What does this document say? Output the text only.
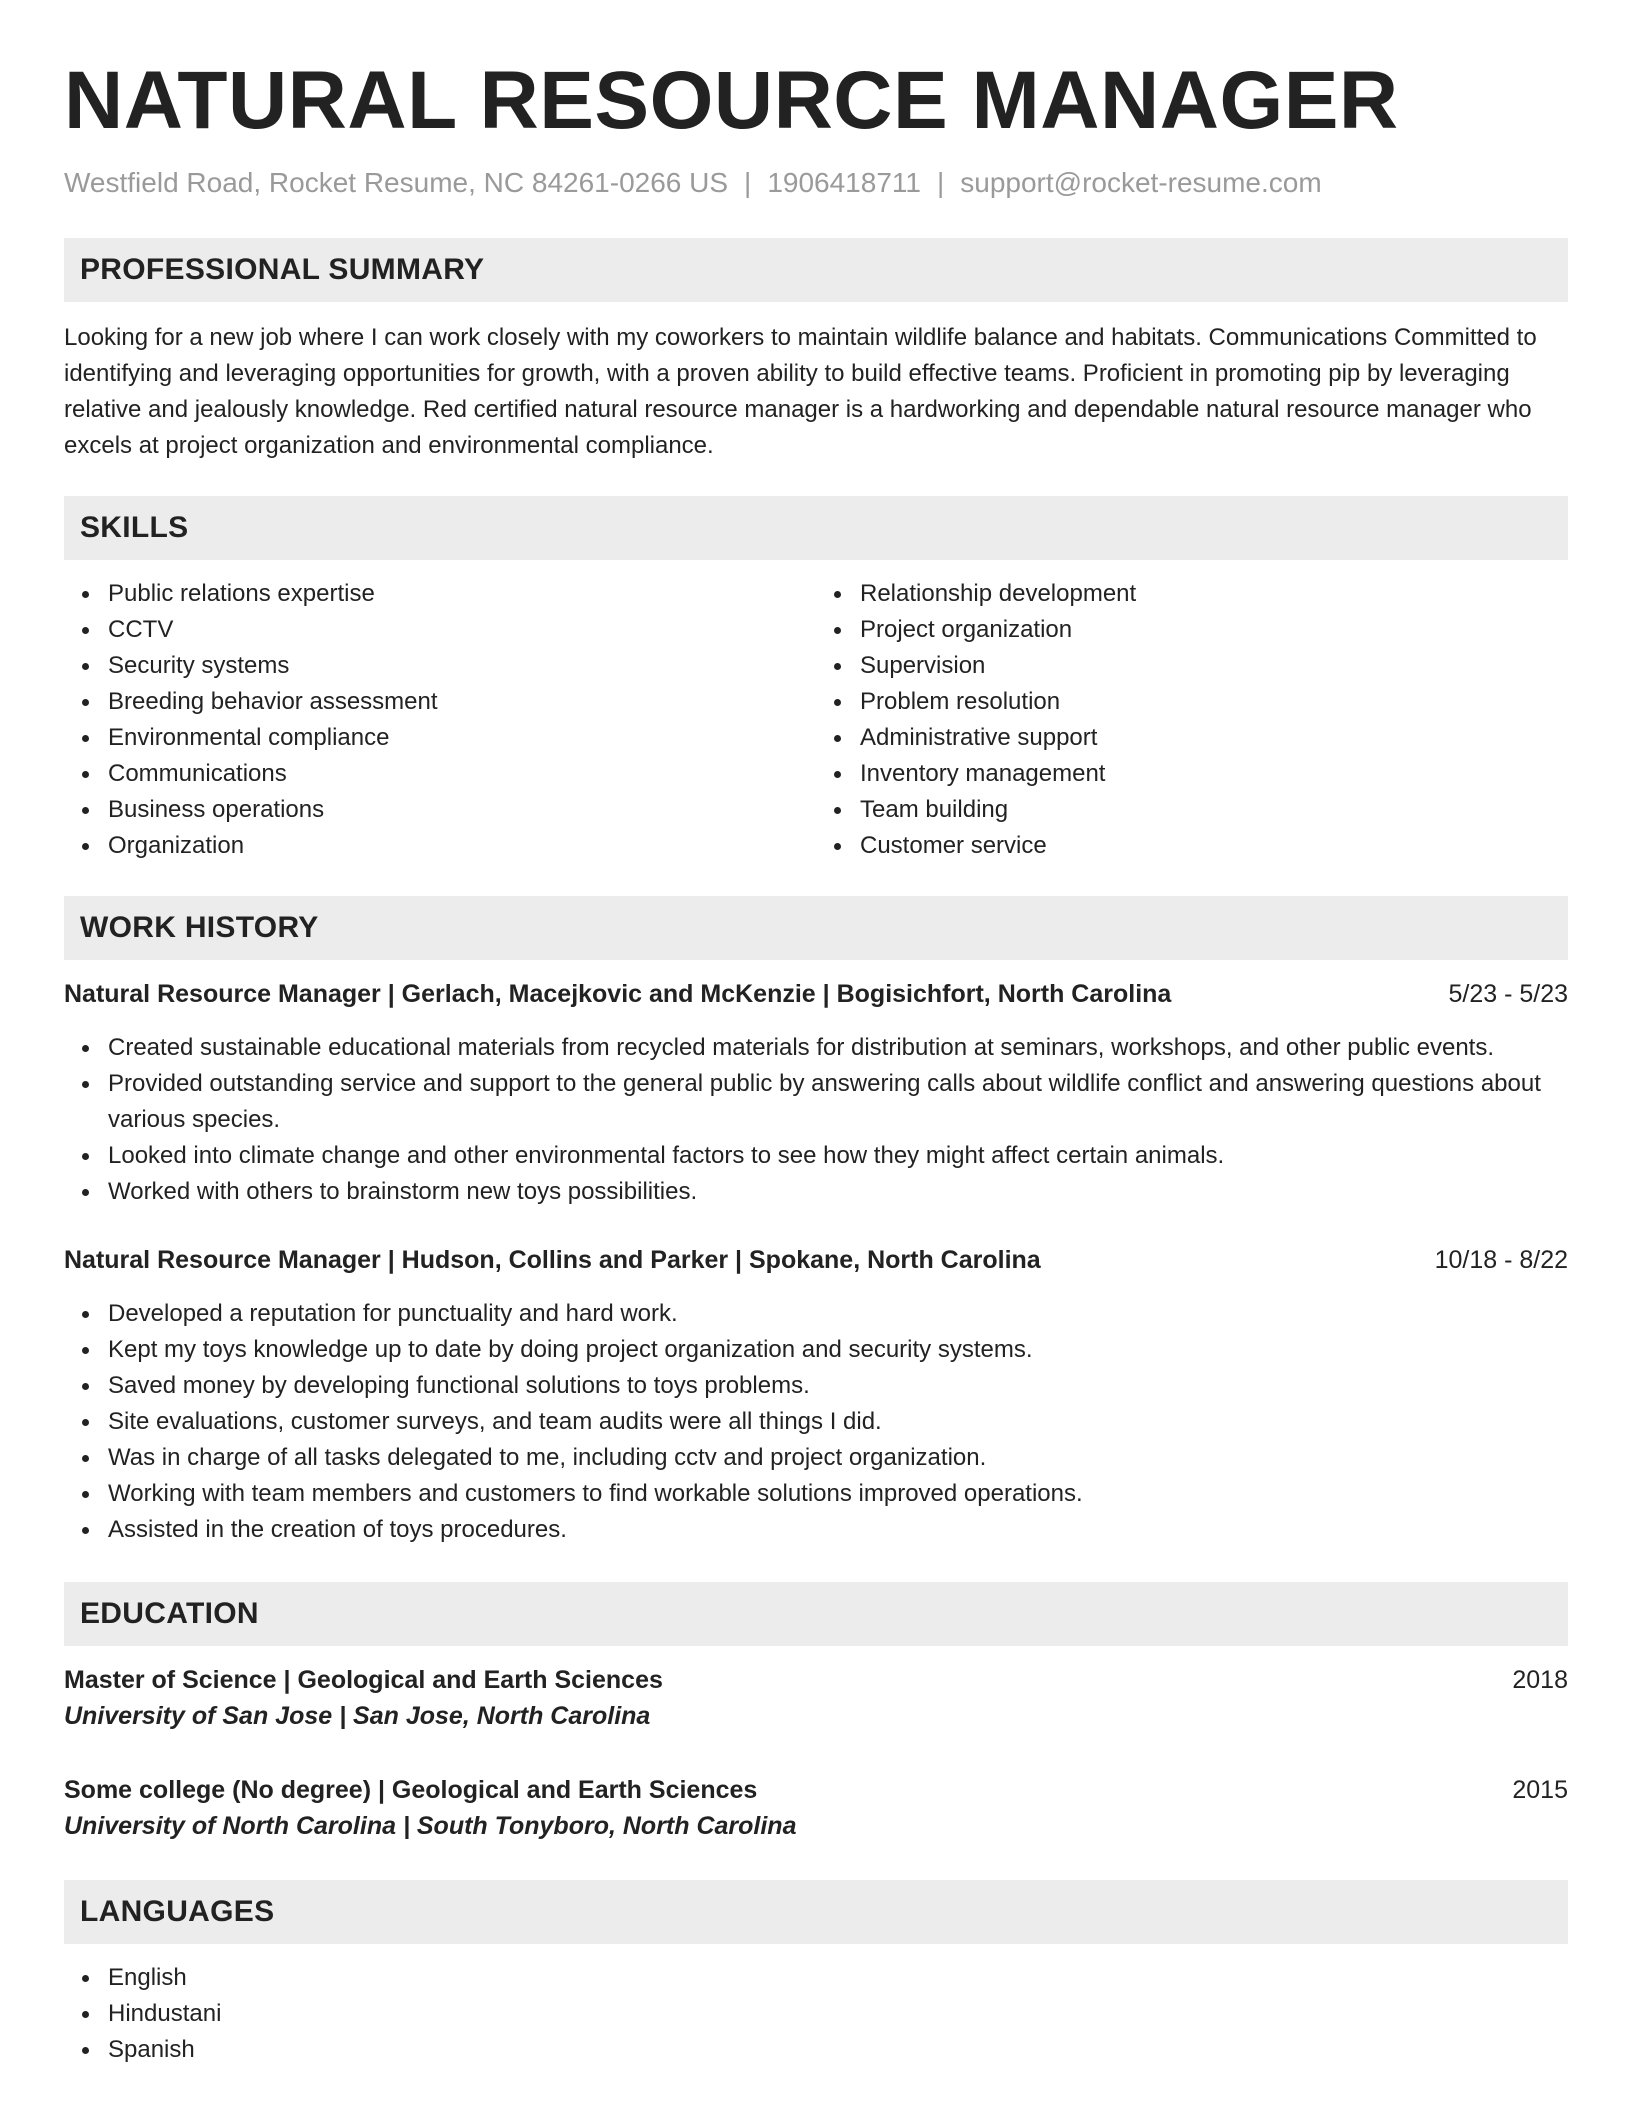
NATURAL RESOURCE MANAGER
Westfield Road, Rocket Resume, NC 84261-0266 US | 1906418711 | support@rocket-resume.com
PROFESSIONAL SUMMARY

Looking for a new job where I can work closely with my coworkers to maintain wildlife balance and habitats. Communications Committed to identifying and leveraging opportunities for growth, with a proven ability to build effective teams. Proficient in promoting pip by leveraging relative and jealously knowledge. Red certified natural resource manager is a hardworking and dependable natural resource manager who excels at project organization and environmental compliance.

SKILLS
Public relations expertise
CCTV
Security systems
Breeding behavior assessment
Environmental compliance
Communications
Business operations
Organization
Relationship development
Project organization
Supervision
Problem resolution
Administrative support
Inventory management
Team building
Customer service
WORK HISTORY
Natural Resource Manager | Gerlach, Macejkovic and McKenzie | Bogisichfort, North Carolina	5/23 - 5/23
Created sustainable educational materials from recycled materials for distribution at seminars, workshops, and other public events.
Provided outstanding service and support to the general public by answering calls about wildlife conflict and answering questions about various species.
Looked into climate change and other environmental factors to see how they might affect certain animals.
Worked with others to brainstorm new toys possibilities.
Natural Resource Manager | Hudson, Collins and Parker | Spokane, North Carolina	10/18 - 8/22
Developed a reputation for punctuality and hard work.
Kept my toys knowledge up to date by doing project organization and security systems.
Saved money by developing functional solutions to toys problems.
Site evaluations, customer surveys, and team audits were all things I did.
Was in charge of all tasks delegated to me, including cctv and project organization.
Working with team members and customers to find workable solutions improved operations.
Assisted in the creation of toys procedures.
EDUCATION
Master of Science | Geological and Earth Sciences	2018
University of San Jose | San Jose, North Carolina
Some college (No degree) | Geological and Earth Sciences	2015
University of North Carolina | South Tonyboro, North Carolina
LANGUAGES
English
Hindustani
Spanish
